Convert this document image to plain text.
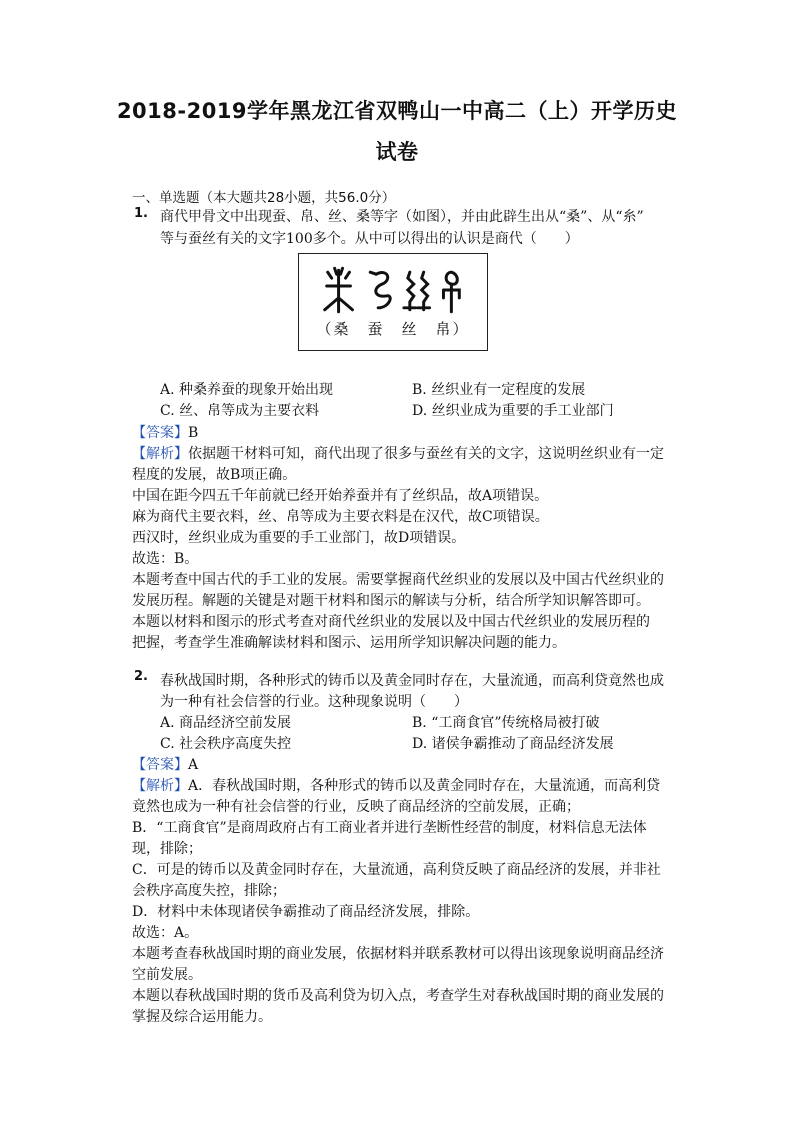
2018-2019学年黑龙江省双鸭山一中高二（上）开学历史
试卷
一、单选题（本大题共28小题，共56.0分）
1. 商代甲骨文中出现蚕、帛、丝、桑等字（如图），并由此辟生出从“桑”、从“糸”
等与蚕丝有关的文字100多个。从中可以得出的认识是商代（　　）
（桑　蚕　丝　帛）
A. 种桑养蚕的现象开始出现	B. 丝织业有一定程度的发展
C. 丝、帛等成为主要衣料	D. 丝织业成为重要的手工业部门
【答案】B
【解析】依据题干材料可知，商代出现了很多与蚕丝有关的文字，这说明丝织业有一定
程度的发展，故B项正确。
中国在距今四五千年前就已经开始养蚕并有了丝织品，故A项错误。
麻为商代主要衣料，丝、帛等成为主要衣料是在汉代，故C项错误。
西汉时，丝织业成为重要的手工业部门，故D项错误。
故选：B。
本题考查中国古代的手工业的发展。需要掌握商代丝织业的发展以及中国古代丝织业的
发展历程。解题的关键是对题干材料和图示的解读与分析，结合所学知识解答即可。
本题以材料和图示的形式考查对商代丝织业的发展以及中国古代丝织业的发展历程的
把握，考查学生准确解读材料和图示、运用所学知识解决问题的能力。
2. 春秋战国时期，各种形式的铸币以及黄金同时存在，大量流通，而高利贷竟然也成
为一种有社会信誉的行业。这种现象说明（　　）
A. 商品经济空前发展	B. “工商食官”传统格局被打破
C. 社会秩序高度失控	D. 诸侯争霸推动了商品经济发展
【答案】A
【解析】A．春秋战国时期，各种形式的铸币以及黄金同时存在，大量流通，而高利贷
竟然也成为一种有社会信誉的行业，反映了商品经济的空前发展，正确；
B．“工商食官”是商周政府占有工商业者并进行垄断性经营的制度，材料信息无法体
现，排除；
C．可是的铸币以及黄金同时存在，大量流通，高利贷反映了商品经济的发展，并非社
会秩序高度失控，排除；
D．材料中未体现诸侯争霸推动了商品经济发展，排除。
故选：A。
本题考查春秋战国时期的商业发展，依据材料并联系教材可以得出该现象说明商品经济
空前发展。
本题以春秋战国时期的货币及高利贷为切入点，考查学生对春秋战国时期的商业发展的
掌握及综合运用能力。
